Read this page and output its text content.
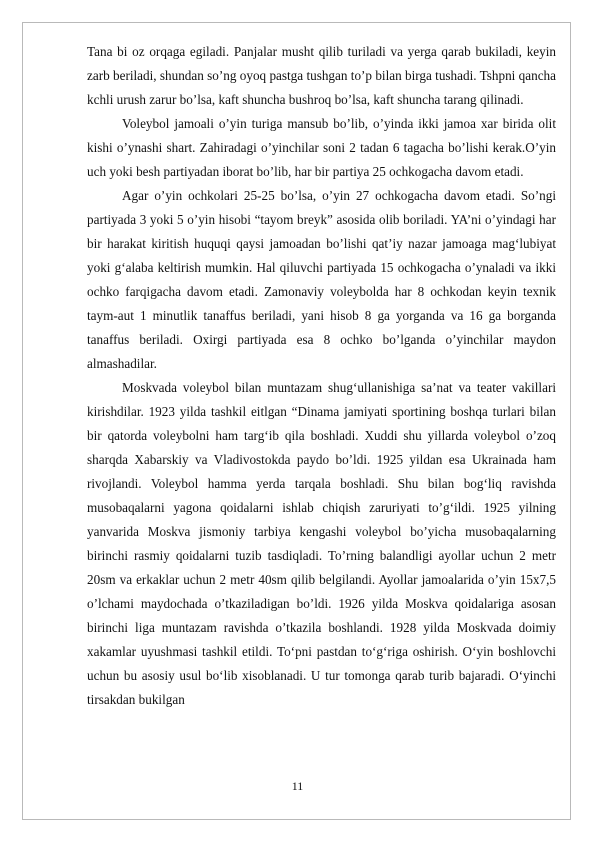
Tana bi oz orqaga egiladi. Panjalar musht qilib turiladi va yerga qarab bukiladi, keyin zarb beriladi, shundan so’ng oyoq pastga tushgan to’p bilan birga tushadi. Tshpni qancha kchli urush zarur bo’lsa, kaft shuncha bushroq bo’lsa, kaft shuncha tarang qilinadi.

Voleybol jamoali o’yin turiga mansub bo’lib, o’yinda ikki jamoa xar birida olit kishi o’ynashi shart. Zahiradagi o’yinchilar soni 2 tadan 6 tagacha bo’lishi kerak.O’yin uch yoki besh partiyadan iborat bo’lib, har bir partiya 25 ochkogacha davom etadi.

Agar o’yin ochkolari 25-25 bo’lsa, o’yin 27 ochkogacha davom etadi. So’ngi partiyada 3 yoki 5 o’yin hisobi “tayom breyk” asosida olib boriladi. YA’ni o’yindagi har bir harakat kiritish huquqi qaysi jamoadan bo’lishi qat’iy nazar jamoaga mag‘lubiyat yoki g‘alaba keltirish mumkin. Hal qiluvchi partiyada 15 ochkogacha o’ynaladi va ikki ochko farqigacha davom etadi. Zamonaviy voleybolda har 8 ochkodan keyin texnik taym-aut 1 minutlik tanaffus beriladi, yani hisob 8 ga yorganda va 16 ga borganda tanaffus beriladi. Oxirgi partiyada esa 8 ochko bo’lganda o’yinchilar maydon almashadilar.

Moskvada voleybol bilan muntazam shug‘ullanishiga sa’nat va teater vakillari kirishdilar. 1923 yilda tashkil eitlgan “Dinama jamiyati sportining boshqa turlari bilan bir qatorda voleybolni ham targ‘ib qila boshladi. Xuddi shu yillarda voleybol o’zoq sharqda Xabarskiy va Vladivostokda paydo bo’ldi. 1925 yildan esa Ukrainada ham rivojlandi. Voleybol hamma yerda tarqala boshladi. Shu bilan bog‘liq ravishda musobaqalarni yagona qoidalarni ishlab chiqish zaruriyati to’g‘ildi. 1925 yilning yanvarida Moskva jismoniy tarbiya kengashi voleybol bo’yicha musobaqalarning birinchi rasmiy qoidalarni tuzib tasdiqladi. To’rning balandligi ayollar uchun 2 metr 20sm va erkaklar uchun 2 metr 40sm qilib belgilandi. Ayollar jamoalarida o’yin 15x7,5 o’lchami maydochada o’tkaziladigan bo’ldi. 1926 yilda Moskva qoidalariga asosan birinchi liga muntazam ravishda o’tkazila boshlandi. 1928 yilda Moskvada doimiy xakamlar uyushmasi tashkil etildi. To‘pni pastdan to‘g‘riga oshirish. O‘yin boshlovchi uchun bu asosiy usul bo‘lib xisoblanadi. U tur tomonga qarab turib bajaradi. O‘yinchi tirsakdan bukilgan

11
